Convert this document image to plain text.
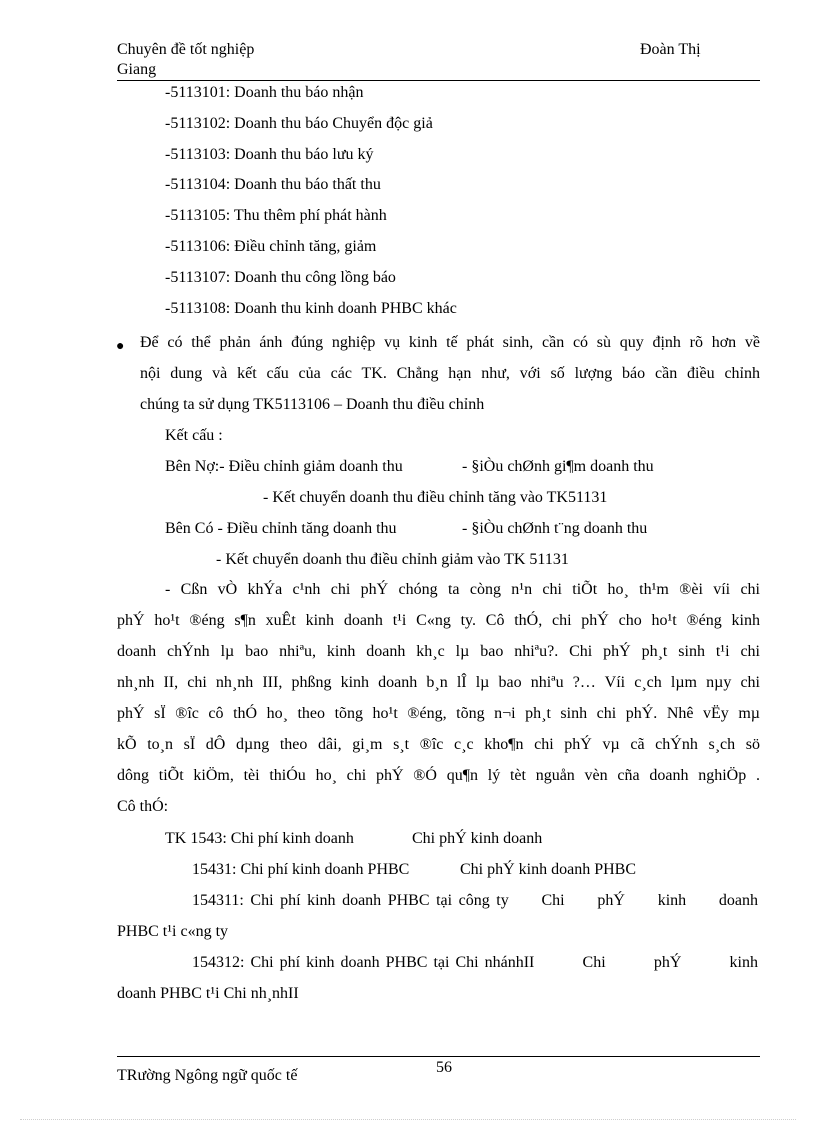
Chuyên đề tốt nghiệp	Đoàn Thị
Giang
-5113101: Doanh thu báo nhận
-5113102: Doanh thu báo Chuyển độc giả
-5113103: Doanh thu báo lưu ký
-5113104: Doanh thu báo thất thu
-5113105: Thu thêm phí phát hành
-5113106: Điều chỉnh tăng, giảm
-5113107: Doanh thu công lồng báo
-5113108: Doanh thu kinh doanh PHBC khác
● Để có thể phản ánh đúng nghiệp vụ kinh tế phát sinh, cần có sù quy định rõ hơn về
nội dung và kết cấu của các TK. Chẳng hạn như, với số lượng báo cần điều chỉnh
chúng ta sử dụng TK5113106 – Doanh thu điều chỉnh
Kết cấu :
Bên Nợ:- Điều chỉnh giảm doanh thu	- §iÒu chØnh gi¶m doanh thu
- Kết chuyển doanh thu điều chỉnh tăng vào TK51131
Bên Có - Điều chỉnh tăng doanh thu	- §iÒu chØnh t¨ng doanh thu
- Kết chuyển doanh thu điều chỉnh giảm vào TK 51131
- Cßn vÒ khÝa c¹nh chi phÝ chóng ta còng n¹n chi tiÕt ho¸ th¹m ®èi víi chi
phÝ ho¹t ®éng s¶n xuÊt kinh doanh t¹i C«ng ty. Cô thÓ, chi phÝ cho ho¹t ®éng kinh
doanh chÝnh lµ bao nhiªu, kinh doanh kh¸c lµ bao nhiªu?. Chi phÝ ph¸t sinh t¹i chi
nh¸nh II, chi nh¸nh III, phßng kinh doanh b¸n lÎ lµ bao nhiªu ?… Víi c¸ch lµm nµy chi
phÝ sÏ ®îc cô thÓ ho¸ theo tõng ho¹t ®éng, tõng n¬i ph¸t sinh chi phÝ. Nhê vËy mµ
kÕ to¸n sÏ dÔ dµng theo dâi, gi¸m s¸t ®îc c¸c kho¶n chi phÝ vµ cã chÝnh s¸ch sö
dông tiÕt kiÖm, tèi thiÓu ho¸ chi phÝ ®Ó qu¶n lý tèt nguån vèn cña doanh nghiÖp .
Cô thÓ:
TK 1543: Chi phí kinh doanh	Chi phÝ kinh doanh
15431: Chi phí kinh doanh PHBC	Chi phÝ kinh doanh PHBC
154311: Chi phí kinh doanh PHBC tại công ty     Chi     phÝ     kinh     doanh
PHBC t¹i c«ng ty
154312: Chi phí kinh doanh PHBC tại Chi nhánhII        Chi        phÝ        kinh
doanh PHBC t¹i Chi nh¸nhII
56
TRường Ngông ngữ quốc tế
